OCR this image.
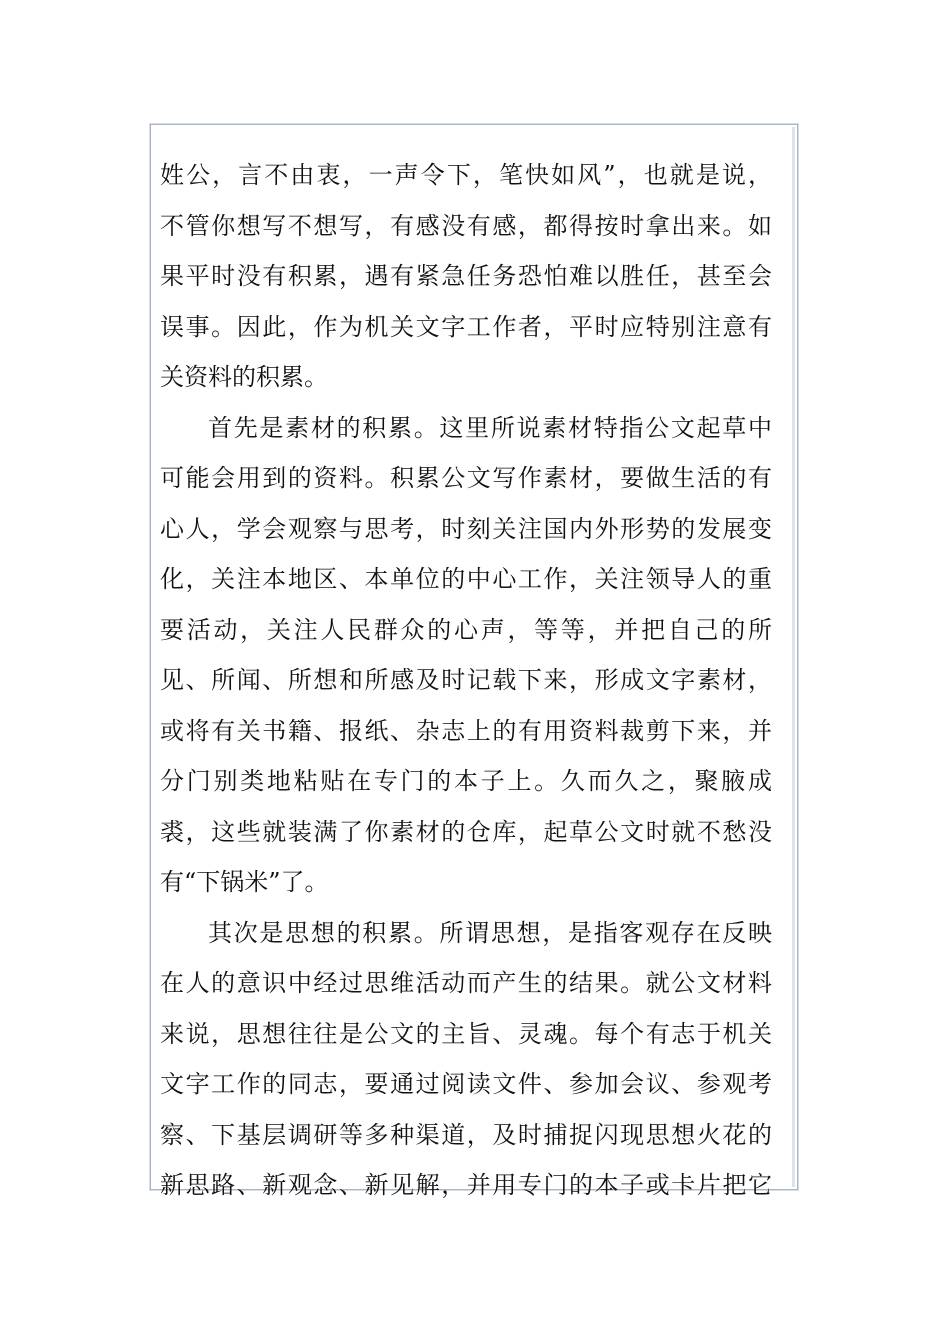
姓公，言不由衷，一声令下，笔快如风”，也就是说，
不管你想写不想写，有感没有感，都得按时拿出来。如
果平时没有积累，遇有紧急任务恐怕难以胜任，甚至会
误事。因此，作为机关文字工作者，平时应特别注意有
关资料的积累。
首先是素材的积累。这里所说素材特指公文起草中
可能会用到的资料。积累公文写作素材，要做生活的有
心人，学会观察与思考，时刻关注国内外形势的发展变
化，关注本地区、本单位的中心工作，关注领导人的重
要活动，关注人民群众的心声，等等，并把自己的所
见、所闻、所想和所感及时记载下来，形成文字素材，
或将有关书籍、报纸、杂志上的有用资料裁剪下来，并
分门别类地粘贴在专门的本子上。久而久之，聚腋成
裘，这些就装满了你素材的仓库，起草公文时就不愁没
有“下锅米”了。
其次是思想的积累。所谓思想，是指客观存在反映
在人的意识中经过思维活动而产生的结果。就公文材料
来说，思想往往是公文的主旨、灵魂。每个有志于机关
文字工作的同志，要通过阅读文件、参加会议、参观考
察、下基层调研等多种渠道，及时捕捉闪现思想火花的
新思路、新观念、新见解，并用专门的本子或卡片把它
